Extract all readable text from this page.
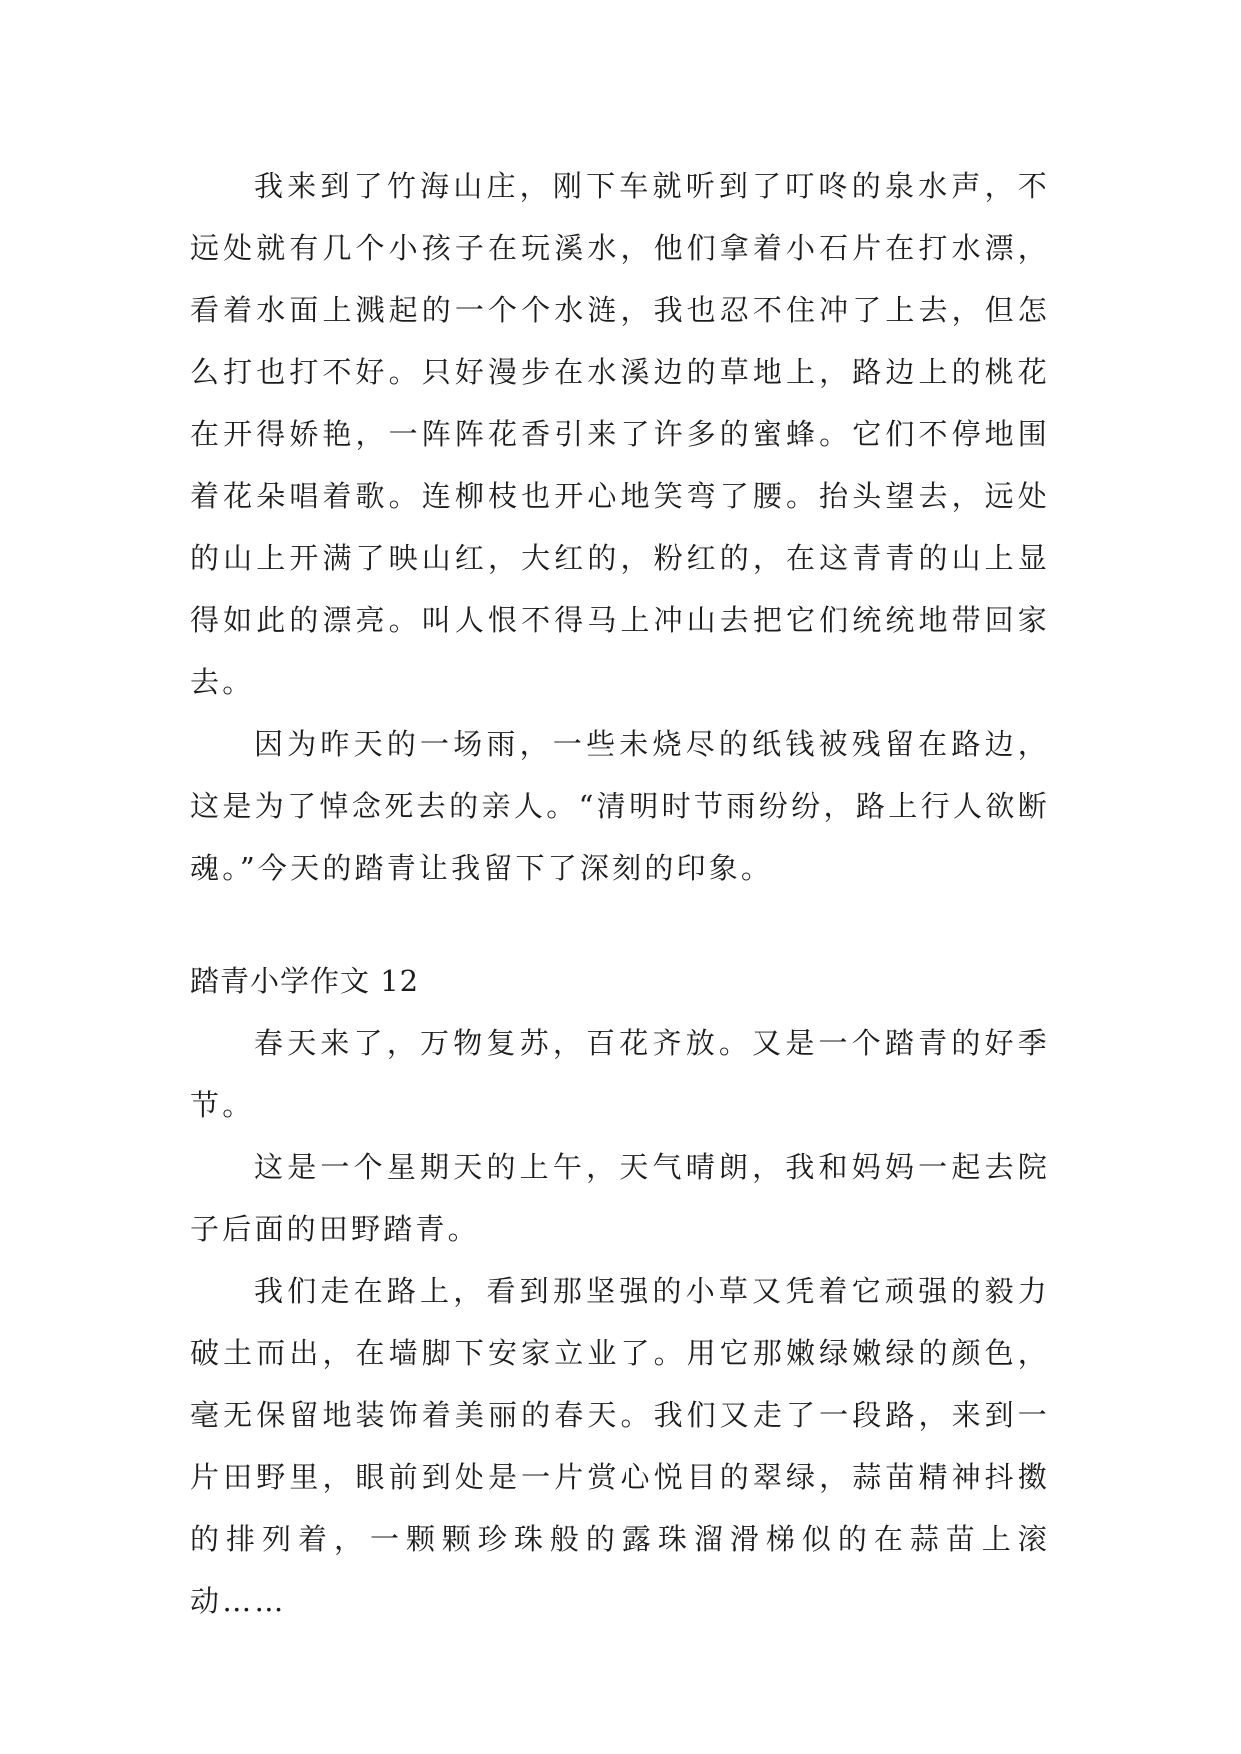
我来到了竹海山庄，刚下车就听到了叮咚的泉水声，不远处就有几个小孩子在玩溪水，他们拿着小石片在打水漂，看着水面上溅起的一个个水涟，我也忍不住冲了上去，但怎么打也打不好。只好漫步在水溪边的草地上，路边上的桃花在开得娇艳，一阵阵花香引来了许多的蜜蜂。它们不停地围着花朵唱着歌。连柳枝也开心地笑弯了腰。抬头望去，远处的山上开满了映山红，大红的，粉红的，在这青青的山上显得如此的漂亮。叫人恨不得马上冲山去把它们统统地带回家去。

因为昨天的一场雨，一些未烧尽的纸钱被残留在路边，这是为了悼念死去的亲人。“清明时节雨纷纷，路上行人欲断魂。”今天的踏青让我留下了深刻的印象。

踏青小学作文 12

春天来了，万物复苏，百花齐放。又是一个踏青的好季节。

这是一个星期天的上午，天气晴朗，我和妈妈一起去院子后面的田野踏青。

我们走在路上，看到那坚强的小草又凭着它顽强的毅力破土而出，在墙脚下安家立业了。用它那嫩绿嫩绿的颜色，毫无保留地装饰着美丽的春天。我们又走了一段路，来到一片田野里，眼前到处是一片赏心悦目的翠绿，蒜苗精神抖擞的排列着，一颗颗珍珠般的露珠溜滑梯似的在蒜苗上滚动……
